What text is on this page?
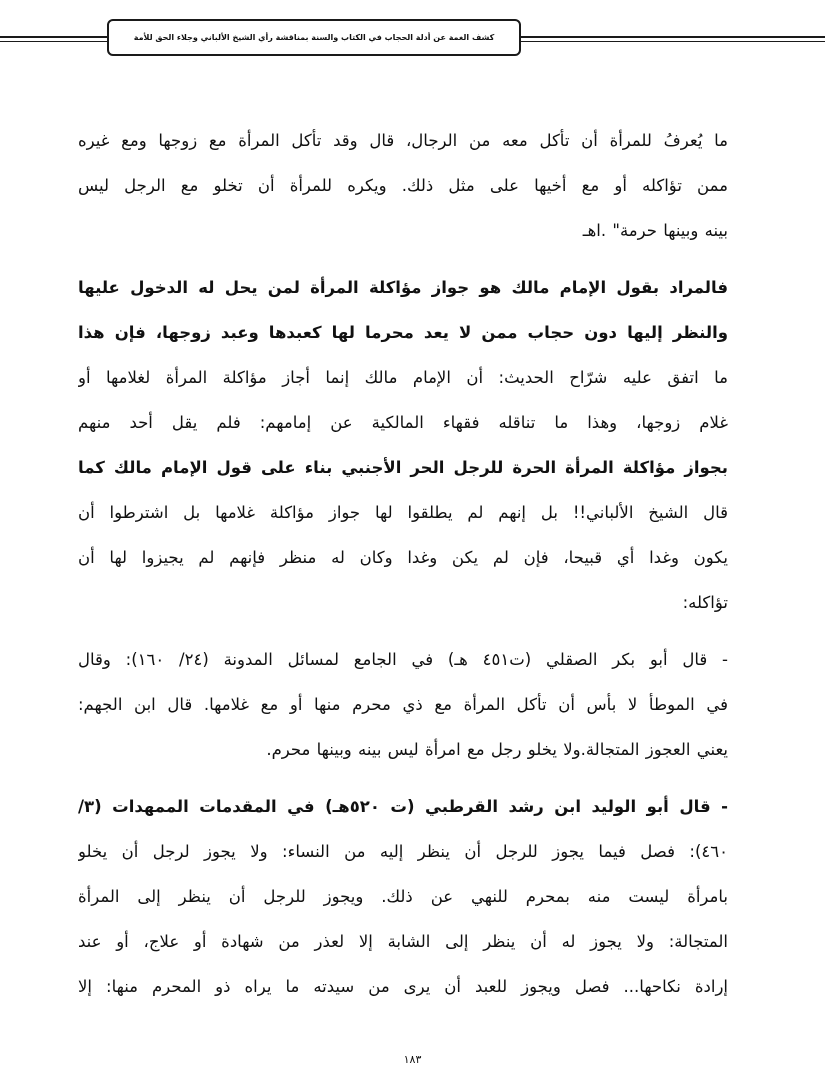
كشف الغمة عن أدلة الحجاب في الكتاب والسنة بمناقشة رأي الشيخ الألباني وجلاء الحق للأمة

ما يُعرفُ للمرأة أن تأكل معه من الرجال، قال وقد تأكل المرأة مع زوجها ومع غيره
ممن تؤاكله أو مع أخيها على مثل ذلك. ويكره للمرأة أن تخلو مع الرجل ليس
بينه وبينها حرمة" .اهـ

فالمراد بقول الإمام مالك هو جواز مؤاكلة المرأة لمن يحل له الدخول عليها
والنظر إليها دون حجاب ممن لا يعد محرما لها كعبدها وعبد زوجها، فإن هذا
ما اتفق عليه شرّاح الحديث: أن الإمام مالك إنما أجاز مؤاكلة المرأة لغلامها أو
غلام زوجها، وهذا ما تناقله فقهاء المالكية عن إمامهم: فلم يقل أحد منهم
بجواز مؤاكلة المرأة الحرة للرجل الحر الأجنبي بناء على قول الإمام مالك كما
قال الشيخ الألباني!! بل إنهم لم يطلقوا لها جواز مؤاكلة غلامها بل اشترطوا أن
يكون وغدا أي قبيحا، فإن لم يكن وغدا وكان له منظر فإنهم لم يجيزوا لها أن
تؤاكله:

- قال أبو بكر الصقلي (ت٤٥١ هـ) في الجامع لمسائل المدونة (٢٤/ ١٦٠): وقال
في الموطأ لا بأس أن تأكل المرأة مع ذي محرم منها أو مع غلامها. قال ابن الجهم:
يعني العجوز المتجالة.ولا يخلو رجل مع امرأة ليس بينه وبينها محرم.

- قال أبو الوليد ابن رشد القرطبي (ت ٥٢٠هـ) في المقدمات الممهدات (٣/
٤٦٠): فصل فيما يجوز للرجل أن ينظر إليه من النساء: ولا يجوز لرجل أن يخلو
بامرأة ليست منه بمحرم للنهي عن ذلك. ويجوز للرجل أن ينظر إلى المرأة
المتجالة: ولا يجوز له أن ينظر إلى الشابة إلا لعذر من شهادة أو علاج، أو عند
إرادة نكاحها... فصل ويجوز للعبد أن يرى من سيدته ما يراه ذو المحرم منها: إلا

١٨٣
